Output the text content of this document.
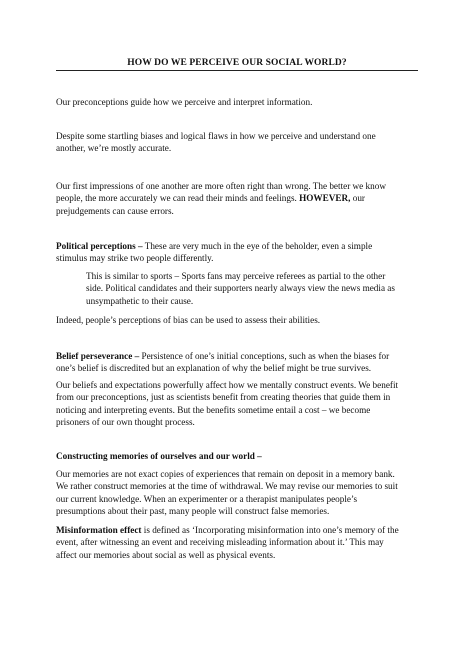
HOW DO WE PERCEIVE OUR SOCIAL WORLD?

Our preconceptions guide how we perceive and interpret information.

Despite some startling biases and logical flaws in how we perceive and understand one
another, we’re mostly accurate.

Our first impressions of one another are more often right than wrong. The better we know
people, the more accurately we can read their minds and feelings. HOWEVER, our
prejudgements can cause errors.

Political perceptions – These are very much in the eye of the beholder, even a simple
stimulus may strike two people differently.

This is similar to sports – Sports fans may perceive referees as partial to the other
side. Political candidates and their supporters nearly always view the news media as
unsympathetic to their cause.

Indeed, people’s perceptions of bias can be used to assess their abilities.

Belief perseverance – Persistence of one’s initial conceptions, such as when the biases for
one’s belief is discredited but an explanation of why the belief might be true survives.

Our beliefs and expectations powerfully affect how we mentally construct events. We benefit
from our preconceptions, just as scientists benefit from creating theories that guide them in
noticing and interpreting events. But the benefits sometime entail a cost – we become
prisoners of our own thought process.

Constructing memories of ourselves and our world –

Our memories are not exact copies of experiences that remain on deposit in a memory bank.
We rather construct memories at the time of withdrawal. We may revise our memories to suit
our current knowledge. When an experimenter or a therapist manipulates people’s
presumptions about their past, many people will construct false memories.

Misinformation effect is defined as ‘Incorporating misinformation into one’s memory of the
event, after witnessing an event and receiving misleading information about it.’ This may
affect our memories about social as well as physical events.
